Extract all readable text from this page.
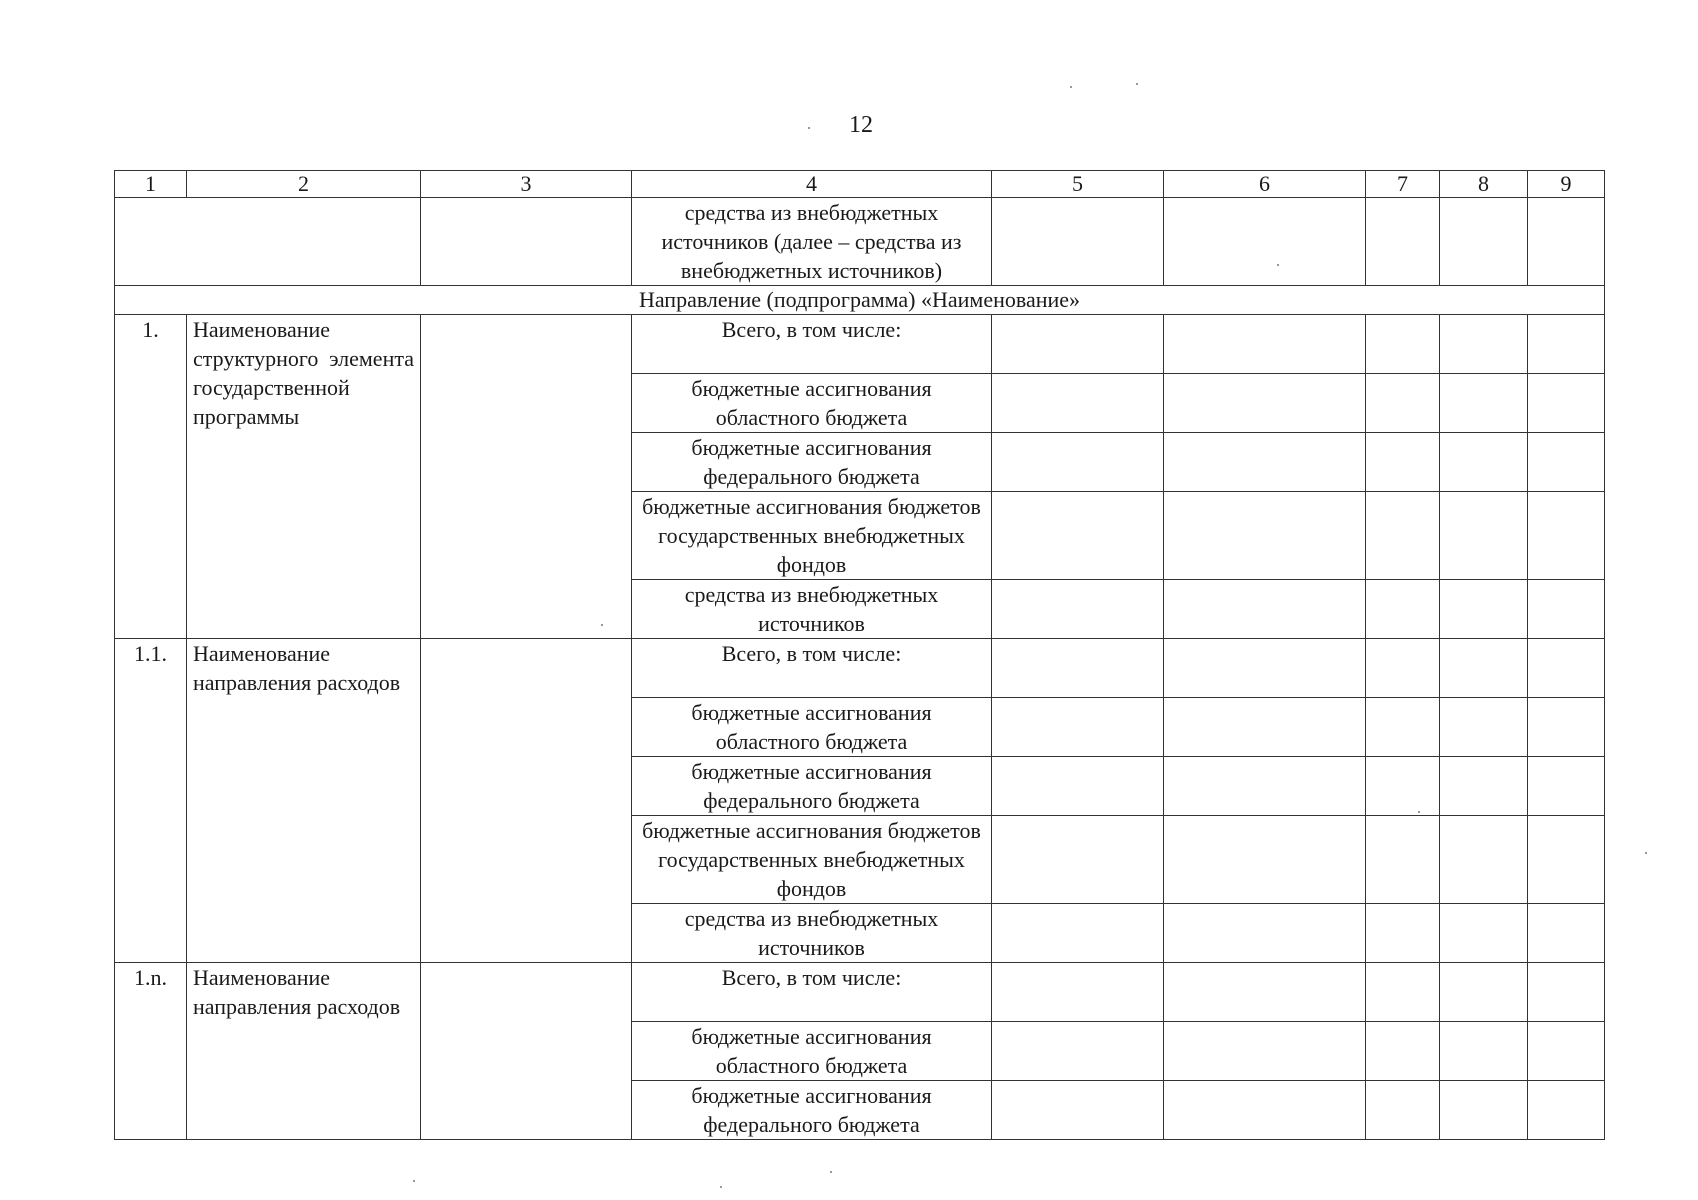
12
1	2	3	4	5	6	7	8	9
			средства из внебюджетных источников (далее – средства из внебюджетных источников)					
Направление (подпрограмма) «Наименование»								
1.	Наименование структурного элемента государственной программы		Всего, в том числе:					
			бюджетные ассигнования областного бюджета					
			бюджетные ассигнования федерального бюджета					
			бюджетные ассигнования бюджетов государственных внебюджетных фондов					
			средства из внебюджетных источников					
1.1.	Наименование направления расходов		Всего, в том числе:					
			бюджетные ассигнования областного бюджета					
			бюджетные ассигнования федерального бюджета					
			бюджетные ассигнования бюджетов государственных внебюджетных фондов					
			средства из внебюджетных источников					
1.n.	Наименование направления расходов		Всего, в том числе:					
			бюджетные ассигнования областного бюджета					
			бюджетные ассигнования федерального бюджета					
